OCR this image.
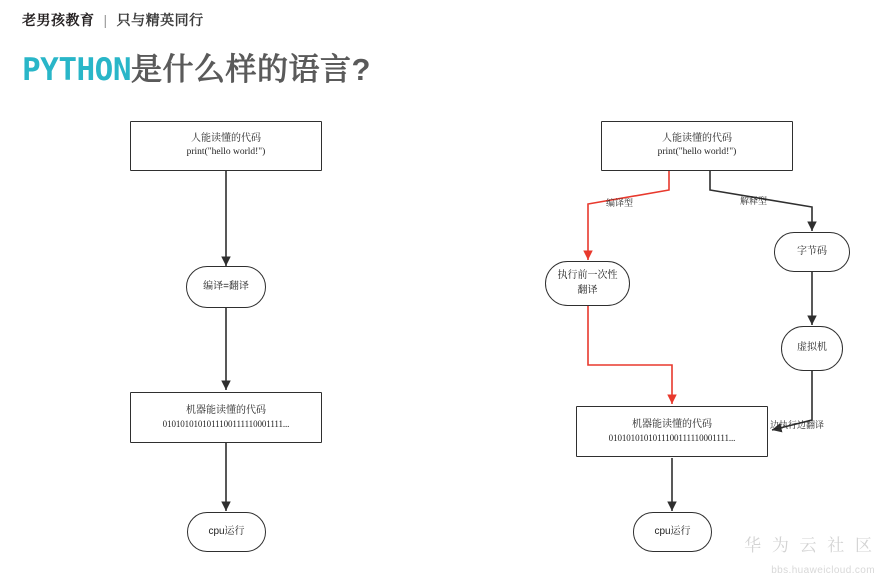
老男孩教育 | 只与精英同行
PYTHON是什么样的语言?
人能读懂的代码
print("hello world!")
编译=翻译
机器能读懂的代码
0101010101011100111110001111...
cpu运行
人能读懂的代码
print("hello world!")
执行前一次性
翻译
字节码
虚拟机
机器能读懂的代码
0101010101011100111110001111...
cpu运行
编译型	解释型
边执行边翻译
华 为 云 社 区
bbs.huaweicloud.com
